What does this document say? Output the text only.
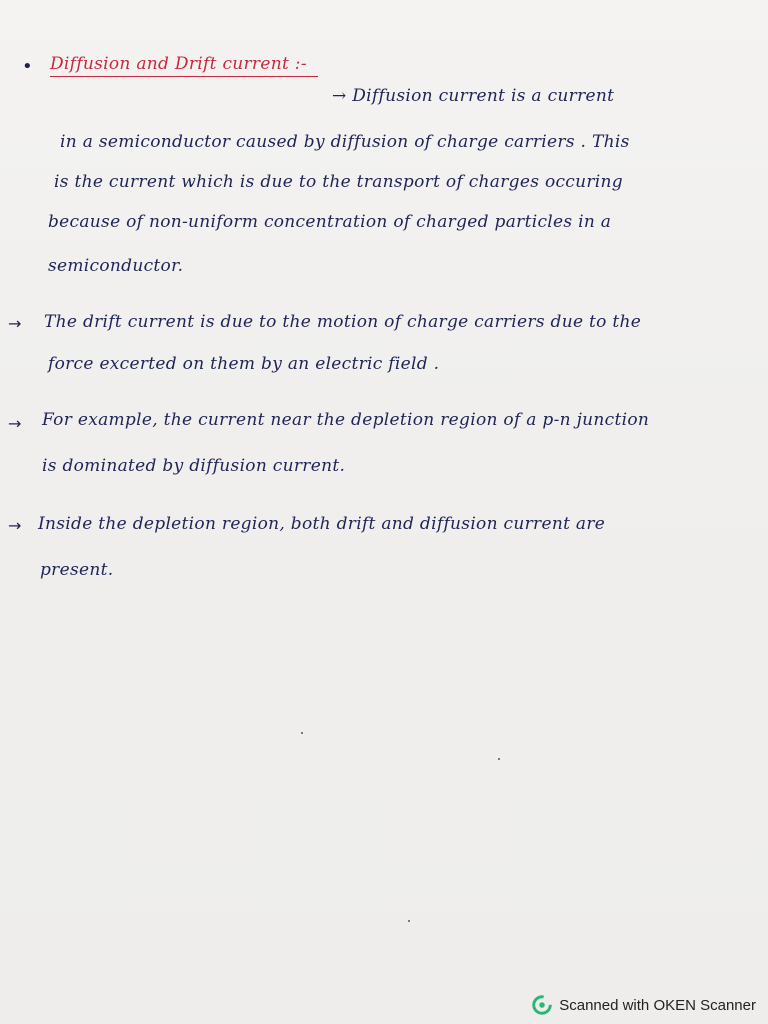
• Diffusion and Drift current :-
→ Diffusion current is a current
in a semiconductor caused by diffusion of charge carriers . This
is the current which is due to the transport of charges occuring
because of non-uniform concentration of charged particles in a
semiconductor.
→ The drift current is due to the motion of charge carriers due to the
force excerted on them by an electric field .
→ For example, the current near the depletion region of a p-n junction
is dominated by diffusion current.
→ Inside the depletion region, both drift and diffusion current are
present.
Scanned with OKEN Scanner
